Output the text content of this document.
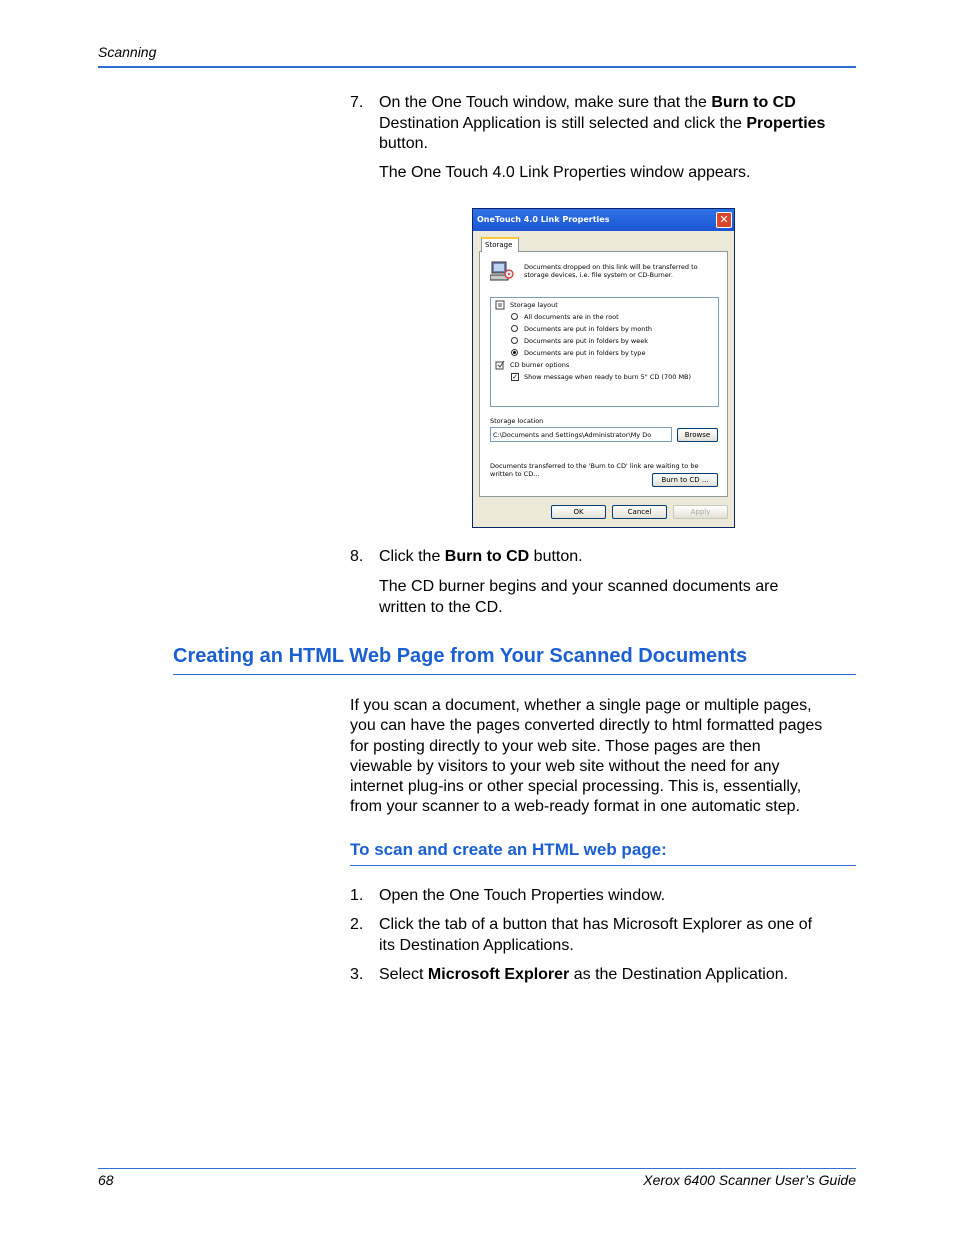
Scanning
7. On the One Touch window, make sure that the Burn to CD Destination Application is still selected and click the Properties button.
The One Touch 4.0 Link Properties window appears.
OneTouch 4.0 Link Properties	✕
Storage
Documents dropped on this link will be transferred to
storage devices, i.e. file system or CD-Burner.
Storage layout
All documents are in the root
Documents are put in folders by month
Documents are put in folders by week
Documents are put in folders by type
CD burner options
✓ Show message when ready to burn 5" CD (700 MB)
Storage location
C:\Documents and Settings\Administrator\My Do	Browse
Documents transferred to the 'Burn to CD' link are waiting to be
written to CD...
Burn to CD ...
OK	Cancel	Apply
8. Click the Burn to CD button.
The CD burner begins and your scanned documents are
written to the CD.
Creating an HTML Web Page from Your Scanned Documents
If you scan a document, whether a single page or multiple pages,
you can have the pages converted directly to html formatted pages
for posting directly to your web site. Those pages are then
viewable by visitors to your web site without the need for any
internet plug-ins or other special processing. This is, essentially,
from your scanner to a web-ready format in one automatic step.
To scan and create an HTML web page:
1. Open the One Touch Properties window.
2. Click the tab of a button that has Microsoft Explorer as one of
its Destination Applications.
3. Select Microsoft Explorer as the Destination Application.
68	Xerox 6400 Scanner User’s Guide
